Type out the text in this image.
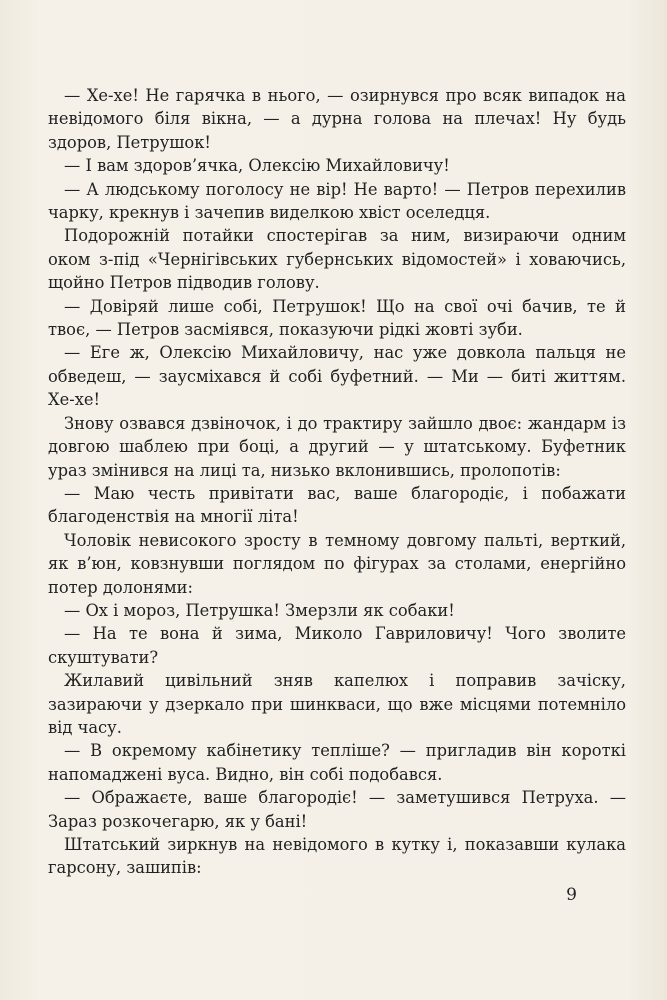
— Хе-хе! Не гарячка в нього, — озирнувся про всяк випадок на невідомого біля вікна, — а дурна голова на плечах! Ну будь здоров, Петрушок!

— І вам здоров’ячка, Олексію Михайловичу!

— А людському поголосу не вір! Не варто! — Петров перехилив чарку, крекнув і зачепив виделкою хвіст оселедця.

Подорожній потайки спостерігав за ним, визираючи одним оком з-під «Чернігівських губернських відомостей» і ховаючись, щойно Петров підводив голову.

— Довіряй лише собі, Петрушок! Що на свої очі бачив, те й твоє, — Петров засміявся, показуючи рідкі жовті зуби.

— Еге ж, Олексію Михайловичу, нас уже довкола пальця не обведеш, — заусміхався й собі буфетний. — Ми — биті життям. Хе-хе!

Знову озвався дзвіночок, і до трактиру зайшло двоє: жандарм із довгою шаблею при боці, а другий — у штатському. Буфетник ураз змінився на лиці та, низько вклонившись, пролопотів:

— Маю честь привітати вас, ваше благородіє, і побажати благоденствія на многії літа!

Чоловік невисокого зросту в темному довгому пальті, верткий, як в’юн, ковзнувши поглядом по фігурах за столами, енергійно потер долонями:

— Ох і мороз, Петрушка! Змерзли як собаки!

— На те вона й зима, Миколо Гавриловичу! Чого зволите скуштувати?

Жилавий цивільний зняв капелюх і поправив зачіску, зазираючи у дзеркало при шинкваси, що вже місцями потемніло від часу.

— В окремому кабінетику тепліше? — пригладив він короткі напомаджені вуса. Видно, він собі подобався.

— Ображаєте, ваше благородіє! — заметушився Петруха. — Зараз розкочегарю, як у бані!

Штатський зиркнув на невідомого в кутку і, показавши кулака гарсону, зашипів:

9
